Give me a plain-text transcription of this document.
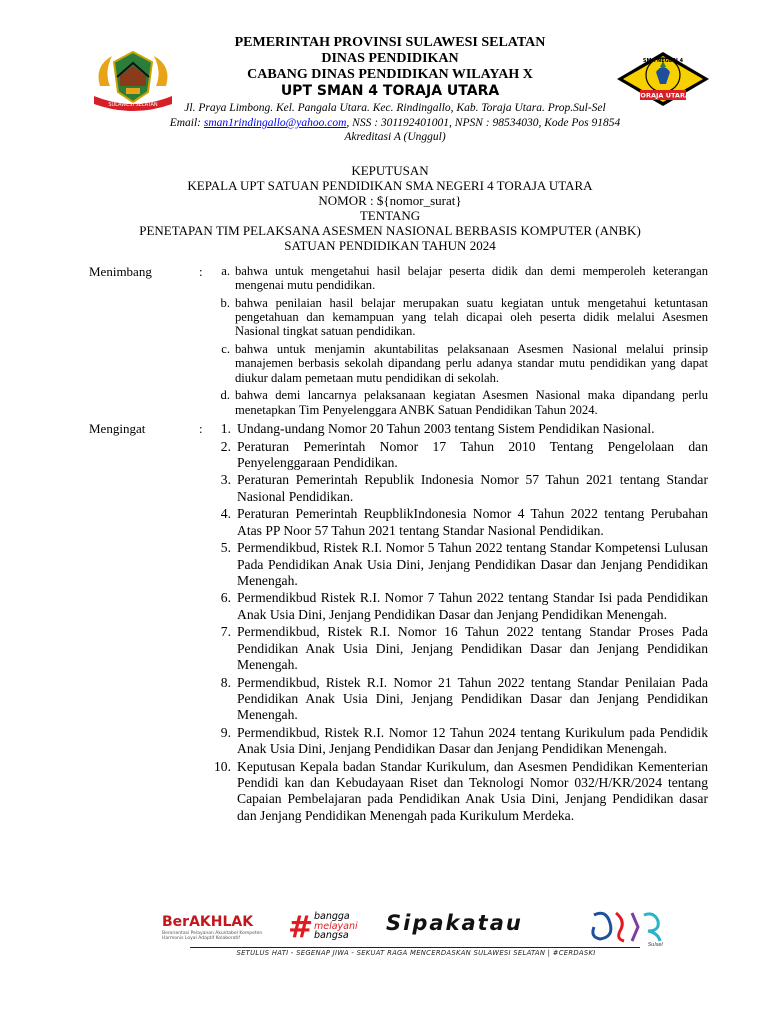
SULAWESI SELATAN
TORAJA UTARA
SMA NEGERI 4
PEMERINTAH PROVINSI SULAWESI SELATAN
DINAS PENDIDIKAN
CABANG DINAS PENDIDIKAN WILAYAH X
UPT SMAN 4 TORAJA UTARA
Jl. Praya Limbong. Kel. Pangala Utara. Kec. Rindingallo, Kab. Toraja Utara. Prop.Sul-Sel
Email: sman1rindingallo@yahoo.com, NSS : 301192401001, NPSN : 98534030, Kode Pos 91854
Akreditasi A (Unggul)
KEPUTUSAN
KEPALA UPT SATUAN PENDIDIKAN SMA NEGERI 4 TORAJA UTARA
NOMOR : ${nomor_surat}
TENTANG
PENETAPAN TIM PELAKSANA ASESMEN NASIONAL BERBASIS KOMPUTER (ANBK)
SATUAN PENDIDIKAN TAHUN 2024
Menimbang	:	a. bahwa untuk mengetahui hasil belajar peserta didik dan demi memperoleh keterangan mengenai mutu pendidikan.
b. bahwa penilaian hasil belajar merupakan suatu kegiatan untuk mengetahui ketuntasan pengetahuan dan kemampuan yang telah dicapai oleh peserta didik melalui Asesmen Nasional tingkat satuan pendidikan.
c. bahwa untuk menjamin akuntabilitas pelaksanaan Asesmen Nasional melalui prinsip manajemen berbasis sekolah dipandang perlu adanya standar mutu pendidikan yang dapat diukur dalam pemetaan mutu pendidikan di sekolah.
d. bahwa demi lancarnya pelaksanaan kegiatan Asesmen Nasional maka dipandang perlu menetapkan Tim Penyelenggara ANBK Satuan Pendidikan Tahun 2024.
Mengingat	:	1. Undang-undang Nomor 20 Tahun 2003 tentang Sistem Pendidikan Nasional.
2. Peraturan Pemerintah Nomor 17 Tahun 2010 Tentang Pengelolaan dan Penyelenggaraan Pendidikan.
3. Peraturan Pemerintah Republik Indonesia Nomor 57 Tahun 2021 tentang Standar Nasional Pendidikan.
4. Peraturan Pemerintah ReupblikIndonesia Nomor 4 Tahun 2022 tentang Perubahan Atas PP Noor 57 Tahun 2021 tentang Standar Nasional Pendidikan.
5. Permendikbud, Ristek R.I. Nomor 5 Tahun 2022 tentang Standar Kompetensi Lulusan Pada Pendidikan Anak Usia Dini, Jenjang Pendidikan Dasar dan Jenjang Pendidikan Menengah.
6. Permendikbud Ristek R.I. Nomor 7 Tahun 2022 tentang Standar Isi pada Pendidikan Anak Usia Dini, Jenjang Pendidikan Dasar dan Jenjang Pendidikan Menengah.
7. Permendikbud, Ristek R.I. Nomor 16 Tahun 2022 tentang Standar Proses Pada Pendidikan Anak Usia Dini, Jenjang Pendidikan Dasar dan Jenjang Pendidikan Menengah.
8. Permendikbud, Ristek R.I. Nomor 21 Tahun 2022 tentang Standar Penilaian Pada Pendidikan Anak Usia Dini, Jenjang Pendidikan Dasar dan Jenjang Pendidikan Menengah.
9. Permendikbud, Ristek R.I. Nomor 12 Tahun 2024 tentang Kurikulum pada Pendidik Anak Usia Dini, Jenjang Pendidikan Dasar dan Jenjang Pendidikan Menengah.
10. Keputusan Kepala badan Standar Kurikulum, dan Asesmen Pendidikan Kementerian Pendidi kan dan Kebudayaan Riset dan Teknologi Nomor 032/H/KR/2024 tentang Capaian Pembelajaran pada Pendidikan Anak Usia Dini, Jenjang Pendidikan dasar dan Jenjang Pendidikan Menengah pada Kurikulum Merdeka.
BerAKHLAK
Berorientasi Pelayanan Akuntabel Kompeten Harmonis Loyal Adaptif Kolaboratif	# bangga
melayani
bangsa
Sipakatau
Sulsel
SETULUS HATI - SEGENAP JIWA - SEKUAT RAGA MENCERDASKAN SULAWESI SELATAN | #CERDASKI
